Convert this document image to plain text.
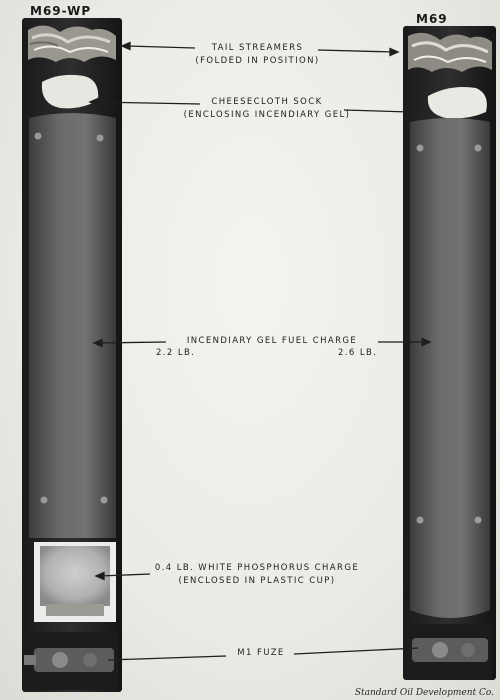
M69-WP
M69
TAIL STREAMERS
(FOLDED IN POSITION)
CHEESECLOTH SOCK
(ENCLOSING INCENDIARY GEL)
INCENDIARY GEL FUEL CHARGE
2.2 LB.	2.6 LB.
0.4 LB. WHITE PHOSPHORUS CHARGE
(ENCLOSED IN PLASTIC CUP)
M1 FUZE
Standard Oil Development Co.
